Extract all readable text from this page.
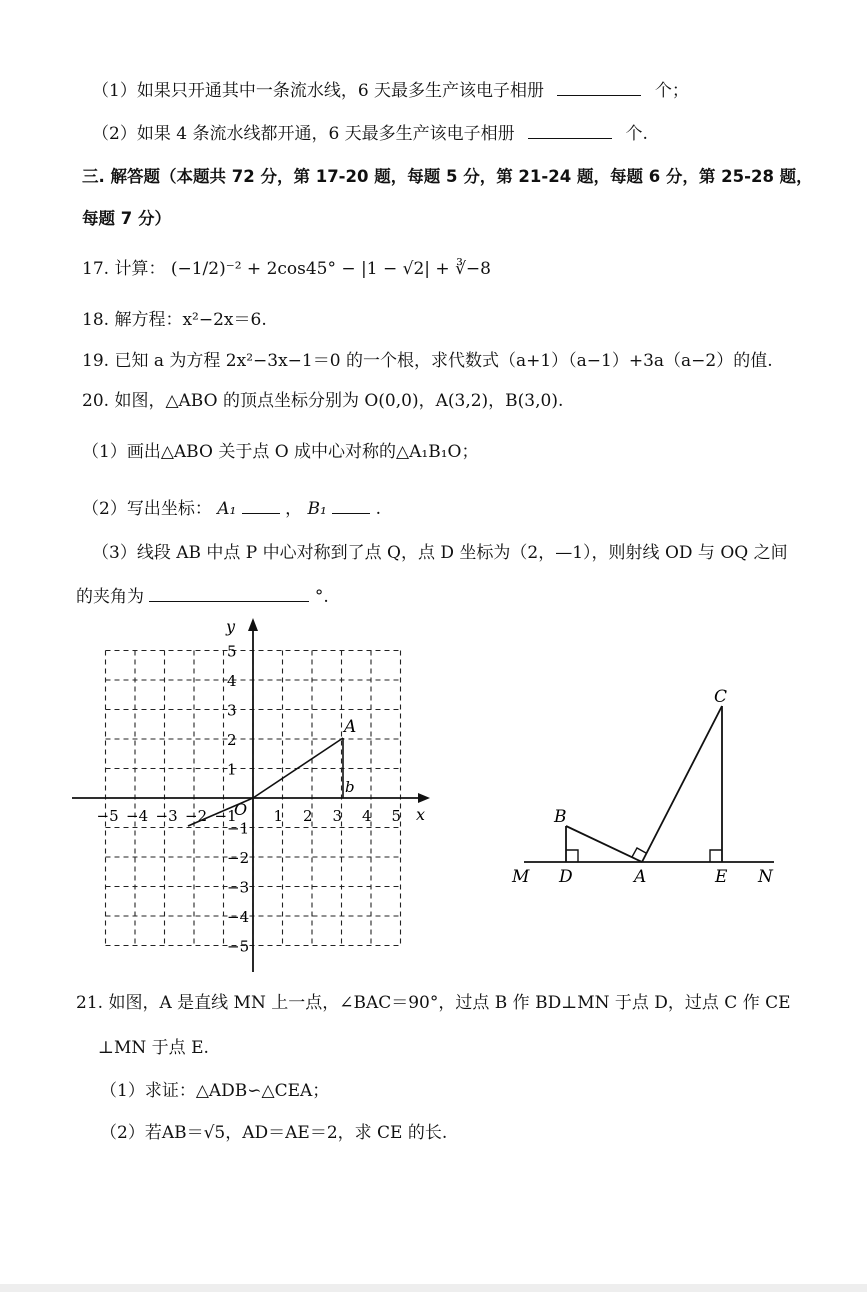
（1）如果只开通其中一条流水线，6 天最多生产该电子相册	个；
（2）如果 4 条流水线都开通，6 天最多生产该电子相册	个.
三. 解答题（本题共 72 分，第 17-20 题，每题 5 分，第 21-24 题，每题 6 分，第 25-28 题，
每题 7 分）
17. 计算： (−1/2)⁻² + 2cos45° − |1 − √2| + ∛−8
18. 解方程：x²−2x＝6.
19. 已知 a 为方程 2x²−3x−1＝0 的一个根，求代数式（a+1）（a−1）+3a（a−2）的值.
20. 如图，△ABO 的顶点坐标分别为 O(0,0)，A(3,2)，B(3,0).
（1）画出△ABO 关于点 O 成中心对称的△A₁B₁O；
（2）写出坐标： A₁	， B₁	.
（3）线段 AB 中点 P 中心对称到了点 Q，点 D 坐标为（2，—1），则射线 OD 与 OQ 之间
的夹角为	°.
−5 −4 −3 −2 −1 1 2 3 4 5
5
4
3
2
1
−1
−2
−3
−4
−5
x
y
O
A
b
B
C
M D	A	E N
21. 如图，A 是直线 MN 上一点，∠BAC＝90°，过点 B 作 BD⊥MN 于点 D，过点 C 作 CE
⊥MN 于点 E.
（1）求证：△ADB∽△CEA；
（2）若AB＝√5，AD＝AE＝2，求 CE 的长.
